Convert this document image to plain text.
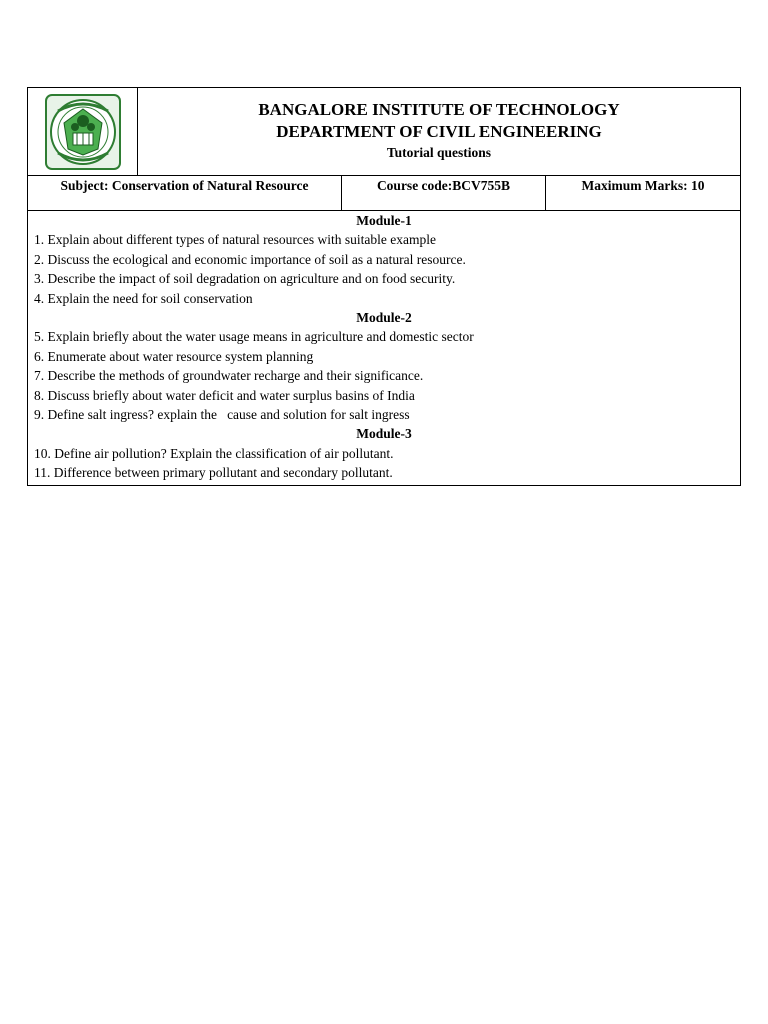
BANGALORE INSTITUTE OF TECHNOLOGY
DEPARTMENT OF CIVIL ENGINEERING
Tutorial questions
Subject: Conservation of Natural Resource	Course code:BCV755B	Maximum Marks: 10
Module-1
1. Explain about different types of natural resources with suitable example
2. Discuss the ecological and economic importance of soil as a natural resource.
3. Describe the impact of soil degradation on agriculture and on food security.
4. Explain the need for soil conservation
Module-2
5. Explain briefly about the water usage means in agriculture and domestic sector
6. Enumerate about water resource system planning
7. Describe the methods of groundwater recharge and their significance.
8. Discuss briefly about water deficit and water surplus basins of India
9. Define salt ingress? explain the   cause and solution for salt ingress
Module-3
10. Define air pollution? Explain the classification of air pollutant.
11. Difference between primary pollutant and secondary pollutant.
